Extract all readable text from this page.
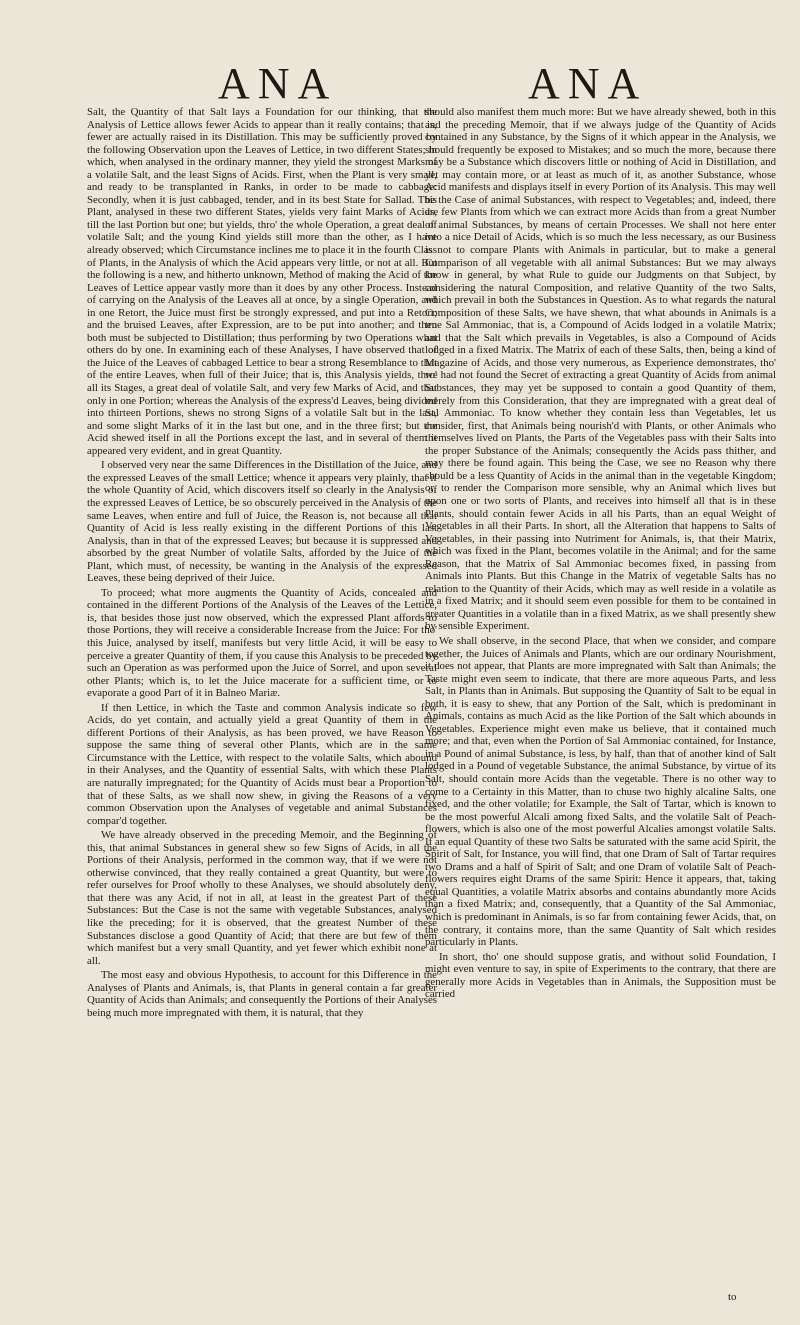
ANA	ANA

Salt, the Quantity of that Salt lays a Foundation for our thinking, that the Analysis of Lettice allows fewer Acids to appear than it really contains; that is, fewer are actually raised in its Distillation. This may be sufficiently proved by the following Observation upon the Leaves of Lettice, in two different States; in which, when analysed in the ordinary manner, they yield the strongest Marks of a volatile Salt, and the least Signs of Acids. First, when the Plant is very small, and ready to be transplanted in Ranks, in order to be made to cabbage: Secondly, when it is just cabbaged, tender, and in its best State for Sallad. This Plant, analysed in these two different States, yields very faint Marks of Acids, till the last Portion but one; but yields, thro' the whole Operation, a great deal of volatile Salt; and the young Kind yields still more than the other, as I have already observed; which Circumstance inclines me to place it in the fourth Class of Plants, in the Analysis of which the Acid appears very little, or not at all. But the following is a new, and hitherto unknown, Method of making the Acid of the Leaves of Lettice appear vastly more than it does by any other Process. Instead of carrying on the Analysis of the Leaves all at once, by a single Operation, and in one Retort, the Juice must first be strongly expressed, and put into a Retort; and the bruised Leaves, after Expression, are to be put into another; and then both must be subjected to Distillation; thus performing by two Operations what others do by one. In examining each of these Analyses, I have observed that of the Juice of the Leaves of cabbaged Lettice to bear a strong Resemblance to that of the entire Leaves, when full of their Juice; that is, this Analysis yields, thro' all its Stages, a great deal of volatile Salt, and very few Marks of Acid, and that only in one Portion; whereas the Analysis of the express'd Leaves, being divided into thirteen Portions, shews no strong Signs of a volatile Salt but in the last, and some slight Marks of it in the last but one, and in the three first; but the Acid shewed itself in all the Portions except the last, and in several of them it appeared very evident, and in great Quantity.

I observed very near the same Differences in the Distillation of the Juice, and the expressed Leaves of the small Lettice; whence it appears very plainly, that if the whole Quantity of Acid, which discovers itself so clearly in the Analysis of the expressed Leaves of Lettice, be so obscurely perceived in the Analysis of the same Leaves, when entire and full of Juice, the Reason is, not because all that Quantity of Acid is less really existing in the different Portions of this last Analysis, than in that of the expressed Leaves; but because it is suppressed and absorbed by the great Number of volatile Salts, afforded by the Juice of the Plant, which must, of necessity, be wanting in the Analysis of the expressed Leaves, these being deprived of their Juice.

To proceed; what more augments the Quantity of Acids, concealed and contained in the different Portions of the Analysis of the Leaves of the Lettice, is, that besides those just now observed, which the expressed Plant affords to those Portions, they will receive a considerable Increase from the Juice: For tho' this Juice, analysed by itself, manifests but very little Acid, it will be easy to perceive a greater Quantity of them, if you cause this Analysis to be preceded by such an Operation as was performed upon the Juice of Sorrel, and upon several other Plants; which is, to let the Juice macerate for a sufficient time, or to evaporate a good Part of it in Balneo Mariæ.

If then Lettice, in which the Taste and common Analysis indicate so few Acids, do yet contain, and actually yield a great Quantity of them in the different Portions of their Analysis, as has been proved, we have Reason to suppose the same thing of several other Plants, which are in the same Circumstance with the Lettice, with respect to the volatile Salts, which abound in their Analyses, and the Quantity of essential Salts, with which these Plants are naturally impregnated; for the Quantity of Acids must bear a Proportion to that of these Salts, as we shall now shew, in giving the Reasons of a very common Observation upon the Analyses of vegetable and animal Substances compar'd together.

We have already observed in the preceding Memoir, and the Beginning of this, that animal Substances in general shew so few Signs of Acids, in all the Portions of their Analysis, performed in the common way, that if we were not otherwise convinced, that they really contained a great Quantity, but were to refer ourselves for Proof wholly to these Analyses, we should absolutely deny, that there was any Acid, if not in all, at least in the greatest Part of these Substances: But the Case is not the same with vegetable Substances, analysed like the preceding; for it is observed, that the greatest Number of these Substances disclose a good Quantity of Acid; that there are but few of them which manifest but a very small Quantity, and yet fewer which exhibit none at all.

The most easy and obvious Hypothesis, to account for this Difference in the Analyses of Plants and Animals, is, that Plants in general contain a far greater Quantity of Acids than Animals; and consequently the Portions of their Analyses being much more impregnated with them, it is natural, that they

should also manifest them much more: But we have already shewed, both in this and the preceding Memoir, that if we always judge of the Quantity of Acids contained in any Substance, by the Signs of it which appear in the Analysis, we should frequently be exposed to Mistakes; and so much the more, because there may be a Substance which discovers little or nothing of Acid in Distillation, and yet may contain more, or at least as much of it, as another Substance, whose Acid manifests and displays itself in every Portion of its Analysis. This may well be the Case of animal Substances, with respect to Vegetables; and, indeed, there are few Plants from which we can extract more Acids than from a great Number of animal Substances, by means of certain Processes. We shall not here enter into a nice Detail of Acids, which is so much the less necessary, as our Business is not to compare Plants with Animals in particular, but to make a general Comparison of all vegetable with all animal Substances: But we may always know in general, by what Rule to guide our Judgments on that Subject, by considering the natural Composition, and relative Quantity of the two Salts, which prevail in both the Substances in Question. As to what regards the natural Composition of these Salts, we have shewn, that what abounds in Animals is a true Sal Ammoniac, that is, a Compound of Acids lodged in a volatile Matrix; and that the Salt which prevails in Vegetables, is also a Compound of Acids lodged in a fixed Matrix. The Matrix of each of these Salts, then, being a kind of Magazine of Acids, and those very numerous, as Experience demonstrates, tho' we had not found the Secret of extracting a great Quantity of Acids from animal Substances, they may yet be supposed to contain a good Quantity of them, merely from this Consideration, that they are impregnated with a great deal of Sal Ammoniac. To know whether they contain less than Vegetables, let us consider, first, that Animals being nourish'd with Plants, or other Animals who themselves lived on Plants, the Parts of the Vegetables pass with their Salts into the proper Substance of the Animals; consequently the Acids pass thither, and may there be found again. This being the Case, we see no Reason why there should be a less Quantity of Acids in the animal than in the vegetable Kingdom; or, to render the Comparison more sensible, why an Animal which lives but upon one or two sorts of Plants, and receives into himself all that is in these Plants, should contain fewer Acids in all his Parts, than an equal Weight of Vegetables in all their Parts. In short, all the Alteration that happens to Salts of Vegetables, in their passing into Nutriment for Animals, is, that their Matrix, which was fixed in the Plant, becomes volatile in the Animal; and for the same Reason, that the Matrix of Sal Ammoniac becomes fixed, in passing from Animals into Plants. But this Change in the Matrix of vegetable Salts has no relation to the Quantity of their Acids, which may as well reside in a volatile as in a fixed Matrix; and it should seem even possible for them to be contained in greater Quantities in a volatile than in a fixed Matrix, as we shall presently shew by sensible Experiment.

We shall observe, in the second Place, that when we consider, and compare together, the Juices of Animals and Plants, which are our ordinary Nourishment, it does not appear, that Plants are more impregnated with Salt than Animals; the Taste might even seem to indicate, that there are more aqueous Parts, and less Salt, in Plants than in Animals. But supposing the Quantity of Salt to be equal in both, it is easy to shew, that any Portion of the Salt, which is predominant in Animals, contains as much Acid as the like Portion of the Salt which abounds in Vegetables. Experience might even make us believe, that it contained much more; and that, even when the Portion of Sal Ammoniac contained, for Instance, in a Pound of animal Substance, is less, by half, than that of another kind of Salt lodged in a Pound of vegetable Substance, the animal Substance, by virtue of its Salt, should contain more Acids than the vegetable. There is no other way to come to a Certainty in this Matter, than to chuse two highly alcaline Salts, one fixed, and the other volatile; for Example, the Salt of Tartar, which is known to be the most powerful Alcali among fixed Salts, and the volatile Salt of Peach-flowers, which is also one of the most powerful Alcalies amongst volatile Salts. If an equal Quantity of these two Salts be saturated with the same acid Spirit, the Spirit of Salt, for Instance, you will find, that one Dram of Salt of Tartar requires two Drams and a half of Spirit of Salt; and one Dram of volatile Salt of Peach-flowers requires eight Drams of the same Spirit: Hence it appears, that, taking equal Quantities, a volatile Matrix absorbs and contains abundantly more Acids than a fixed Matrix; and, consequently, that a Quantity of the Sal Ammoniac, which is predominant in Animals, is so far from containing fewer Acids, that, on the contrary, it contains more, than the same Quantity of Salt which resides particularly in Plants.

In short, tho' one should suppose gratis, and without solid Foundation, I might even venture to say, in spite of Experiments to the contrary, that there are generally more Acids in Vegetables than in Animals, the Supposition must be carried

to
